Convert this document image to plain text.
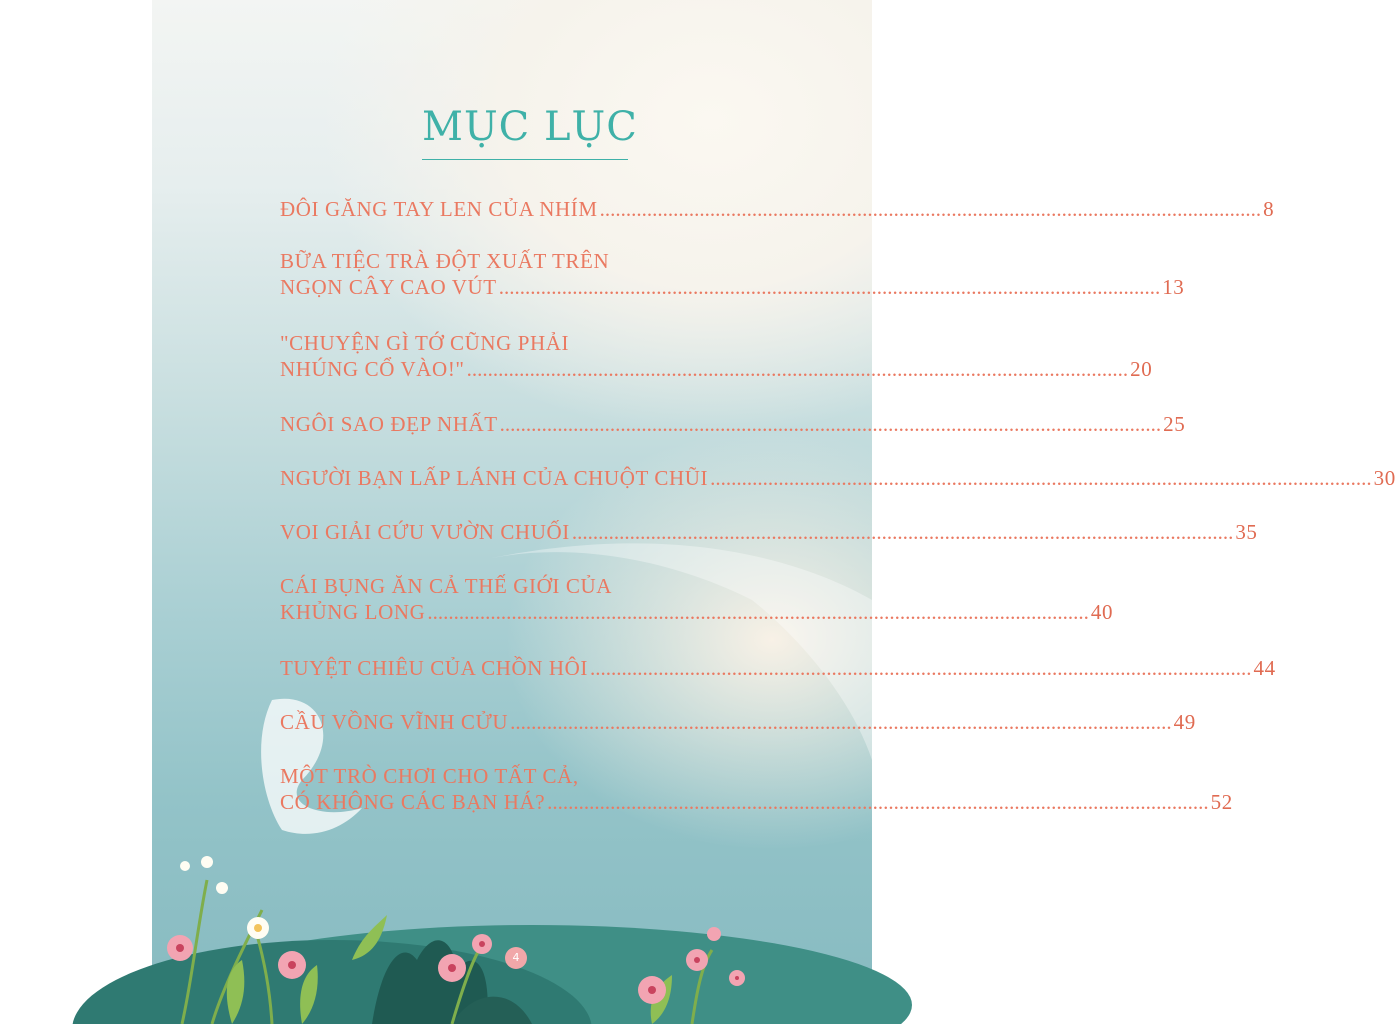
MỤC LỤC
ĐÔI GĂNG TAY LEN CỦA NHÍM .............................................................................................................................. 8
BỮA TIỆC TRÀ ĐỘT XUẤT TRÊN
NGỌN CÂY CAO VÚT .............................................................................................................................. 13
"CHUYỆN GÌ TỚ CŨNG PHẢI
NHÚNG CỔ VÀO!" .............................................................................................................................. 20
NGÔI SAO ĐẸP NHẤT .............................................................................................................................. 25
NGƯỜI BẠN LẤP LÁNH CỦA CHUỘT CHŨI .............................................................................................................................. 30
VOI GIẢI CỨU VƯỜN CHUỐI .............................................................................................................................. 35
CÁI BỤNG ĂN CẢ THẾ GIỚI CỦA
KHỦNG LONG .............................................................................................................................. 40
TUYỆT CHIÊU CỦA CHỒN HÔI .............................................................................................................................. 44
CẦU VỒNG VĨNH CỬU .............................................................................................................................. 49
MỘT TRÒ CHƠI CHO TẤT CẢ,
CÓ KHÔNG CÁC BẠN HÁ? .............................................................................................................................. 52
4
